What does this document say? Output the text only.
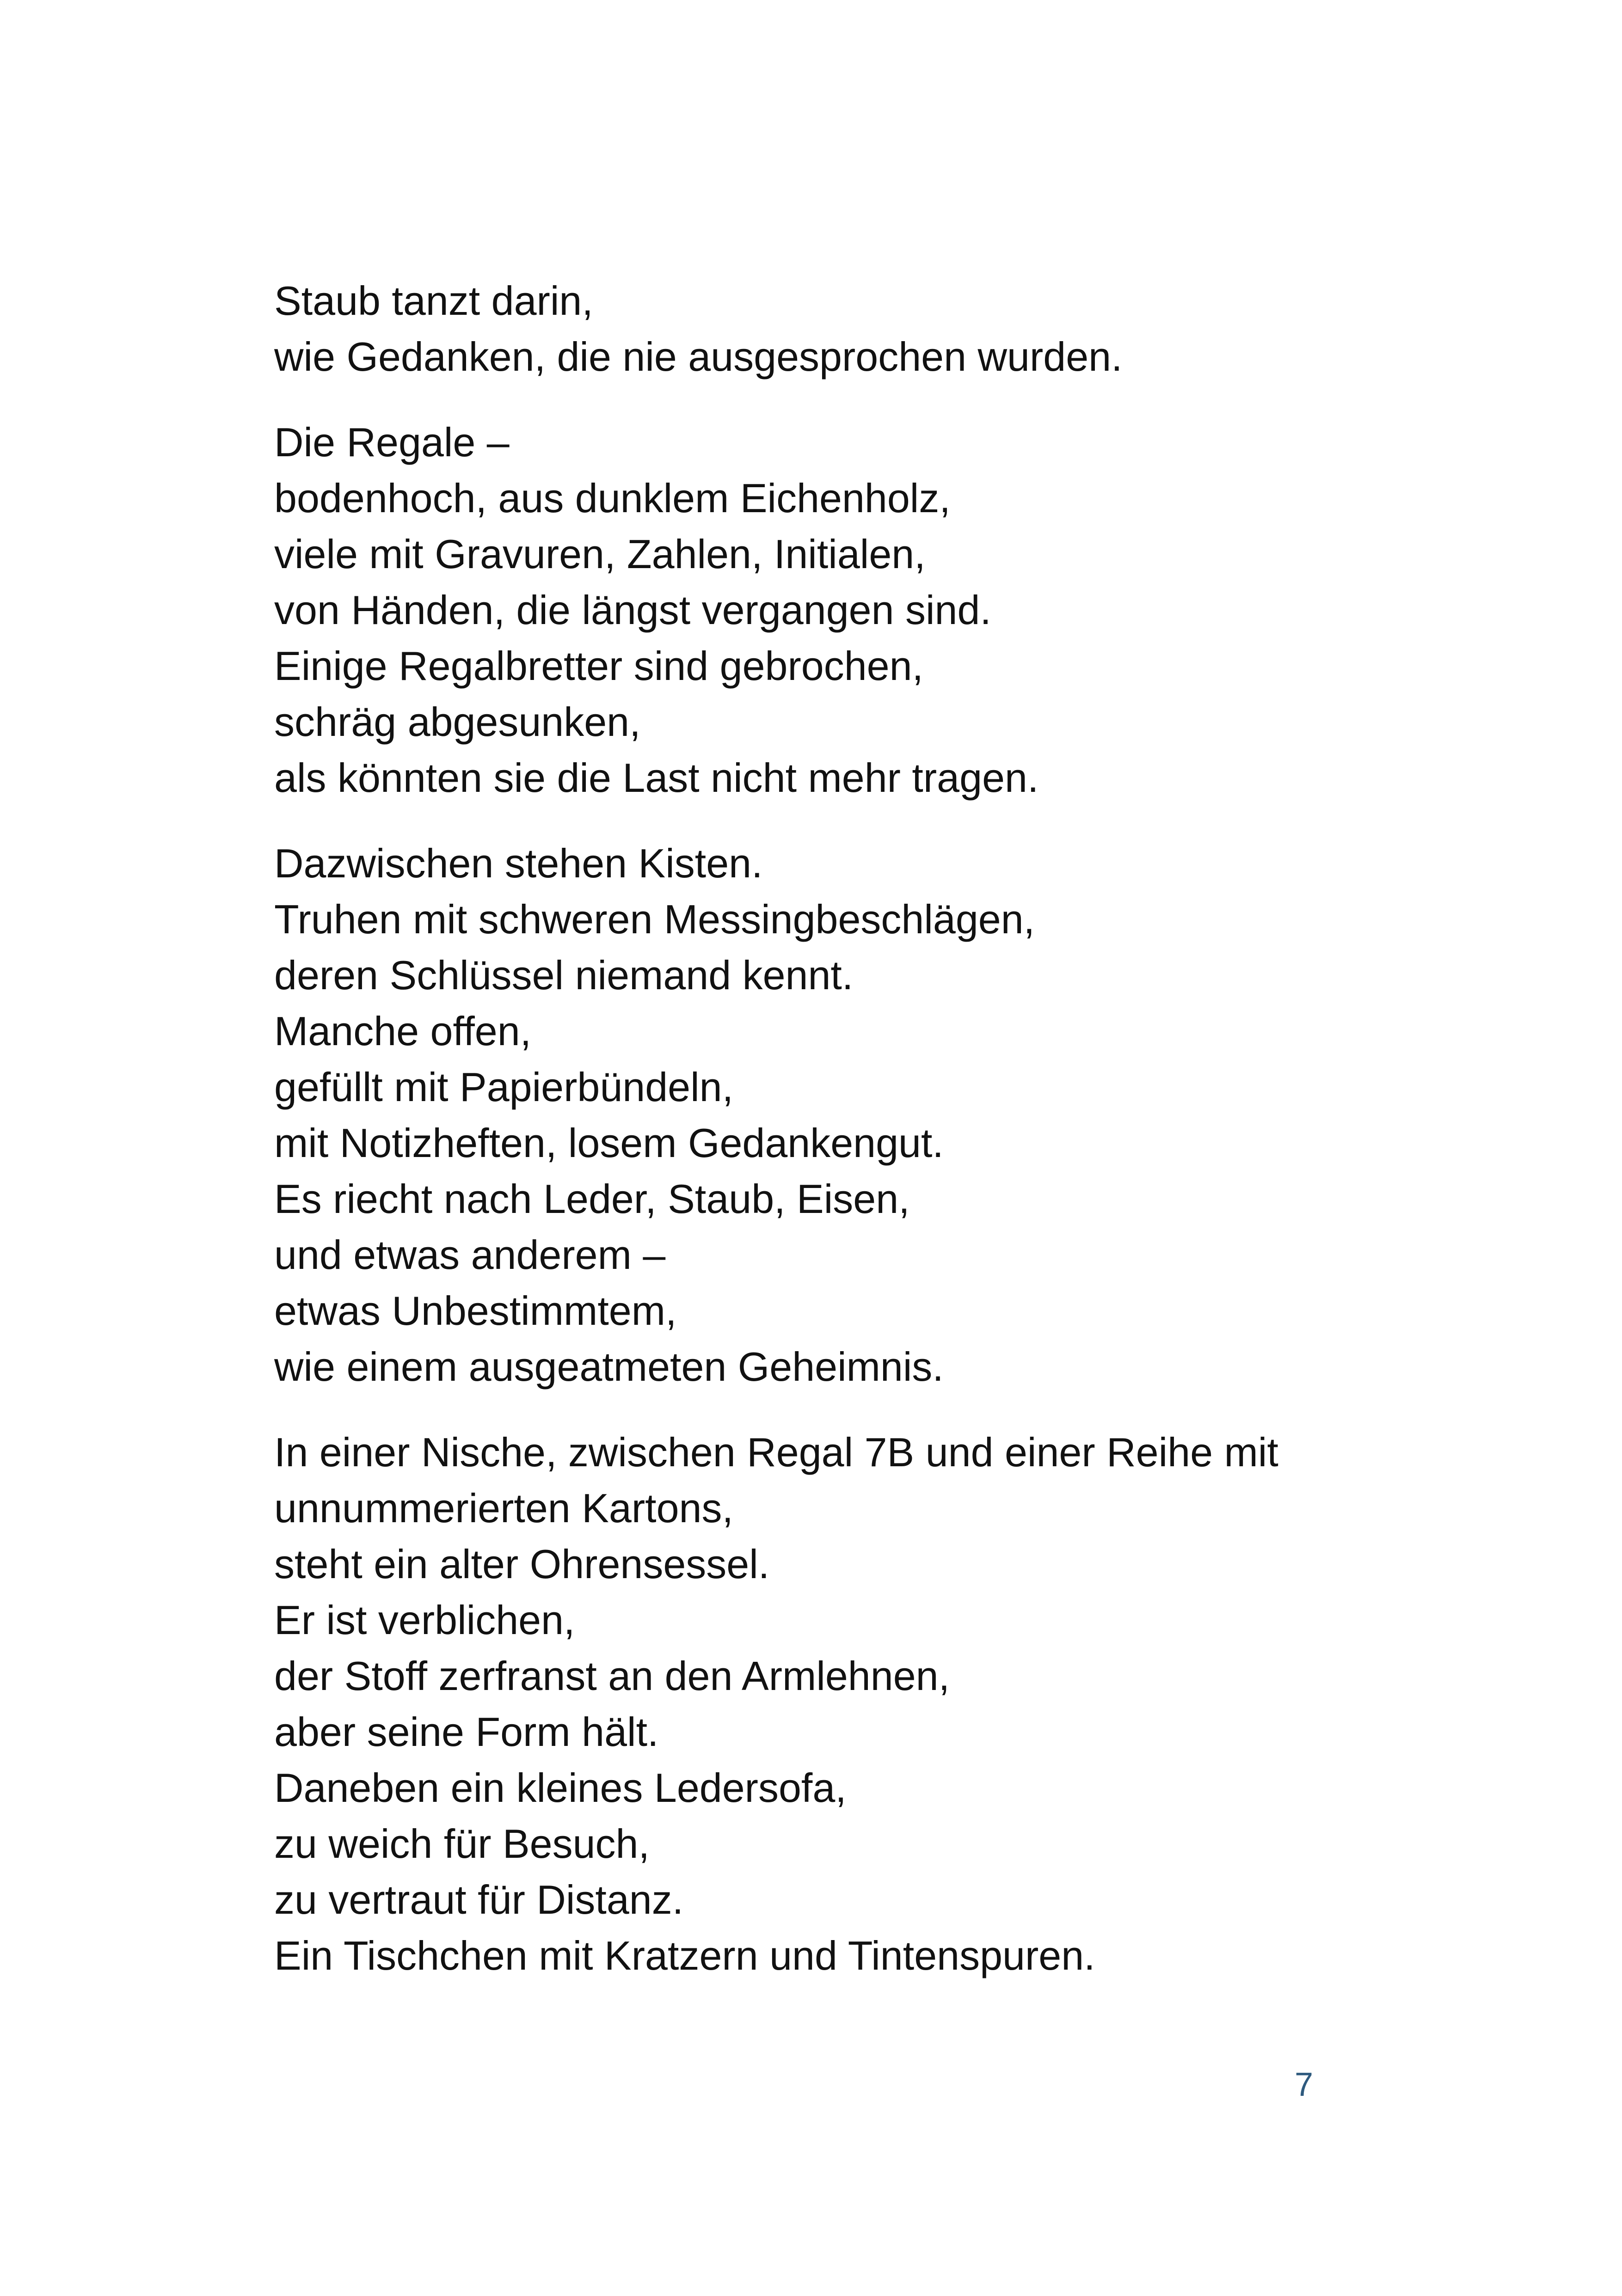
Staub tanzt darin,
wie Gedanken, die nie ausgesprochen wurden.

Die Regale –
bodenhoch, aus dunklem Eichenholz,
viele mit Gravuren, Zahlen, Initialen,
von Händen, die längst vergangen sind.
Einige Regalbretter sind gebrochen,
schräg abgesunken,
als könnten sie die Last nicht mehr tragen.

Dazwischen stehen Kisten.
Truhen mit schweren Messingbeschlägen,
deren Schlüssel niemand kennt.
Manche offen,
gefüllt mit Papierbündeln,
mit Notizheften, losem Gedankengut.
Es riecht nach Leder, Staub, Eisen,
und etwas anderem –
etwas Unbestimmtem,
wie einem ausgeatmeten Geheimnis.

In einer Nische, zwischen Regal 7B und einer Reihe mit
unnummerierten Kartons,
steht ein alter Ohrensessel.
Er ist verblichen,
der Stoff zerfranst an den Armlehnen,
aber seine Form hält.
Daneben ein kleines Ledersofa,
zu weich für Besuch,
zu vertraut für Distanz.
Ein Tischchen mit Kratzern und Tintenspuren.

7
